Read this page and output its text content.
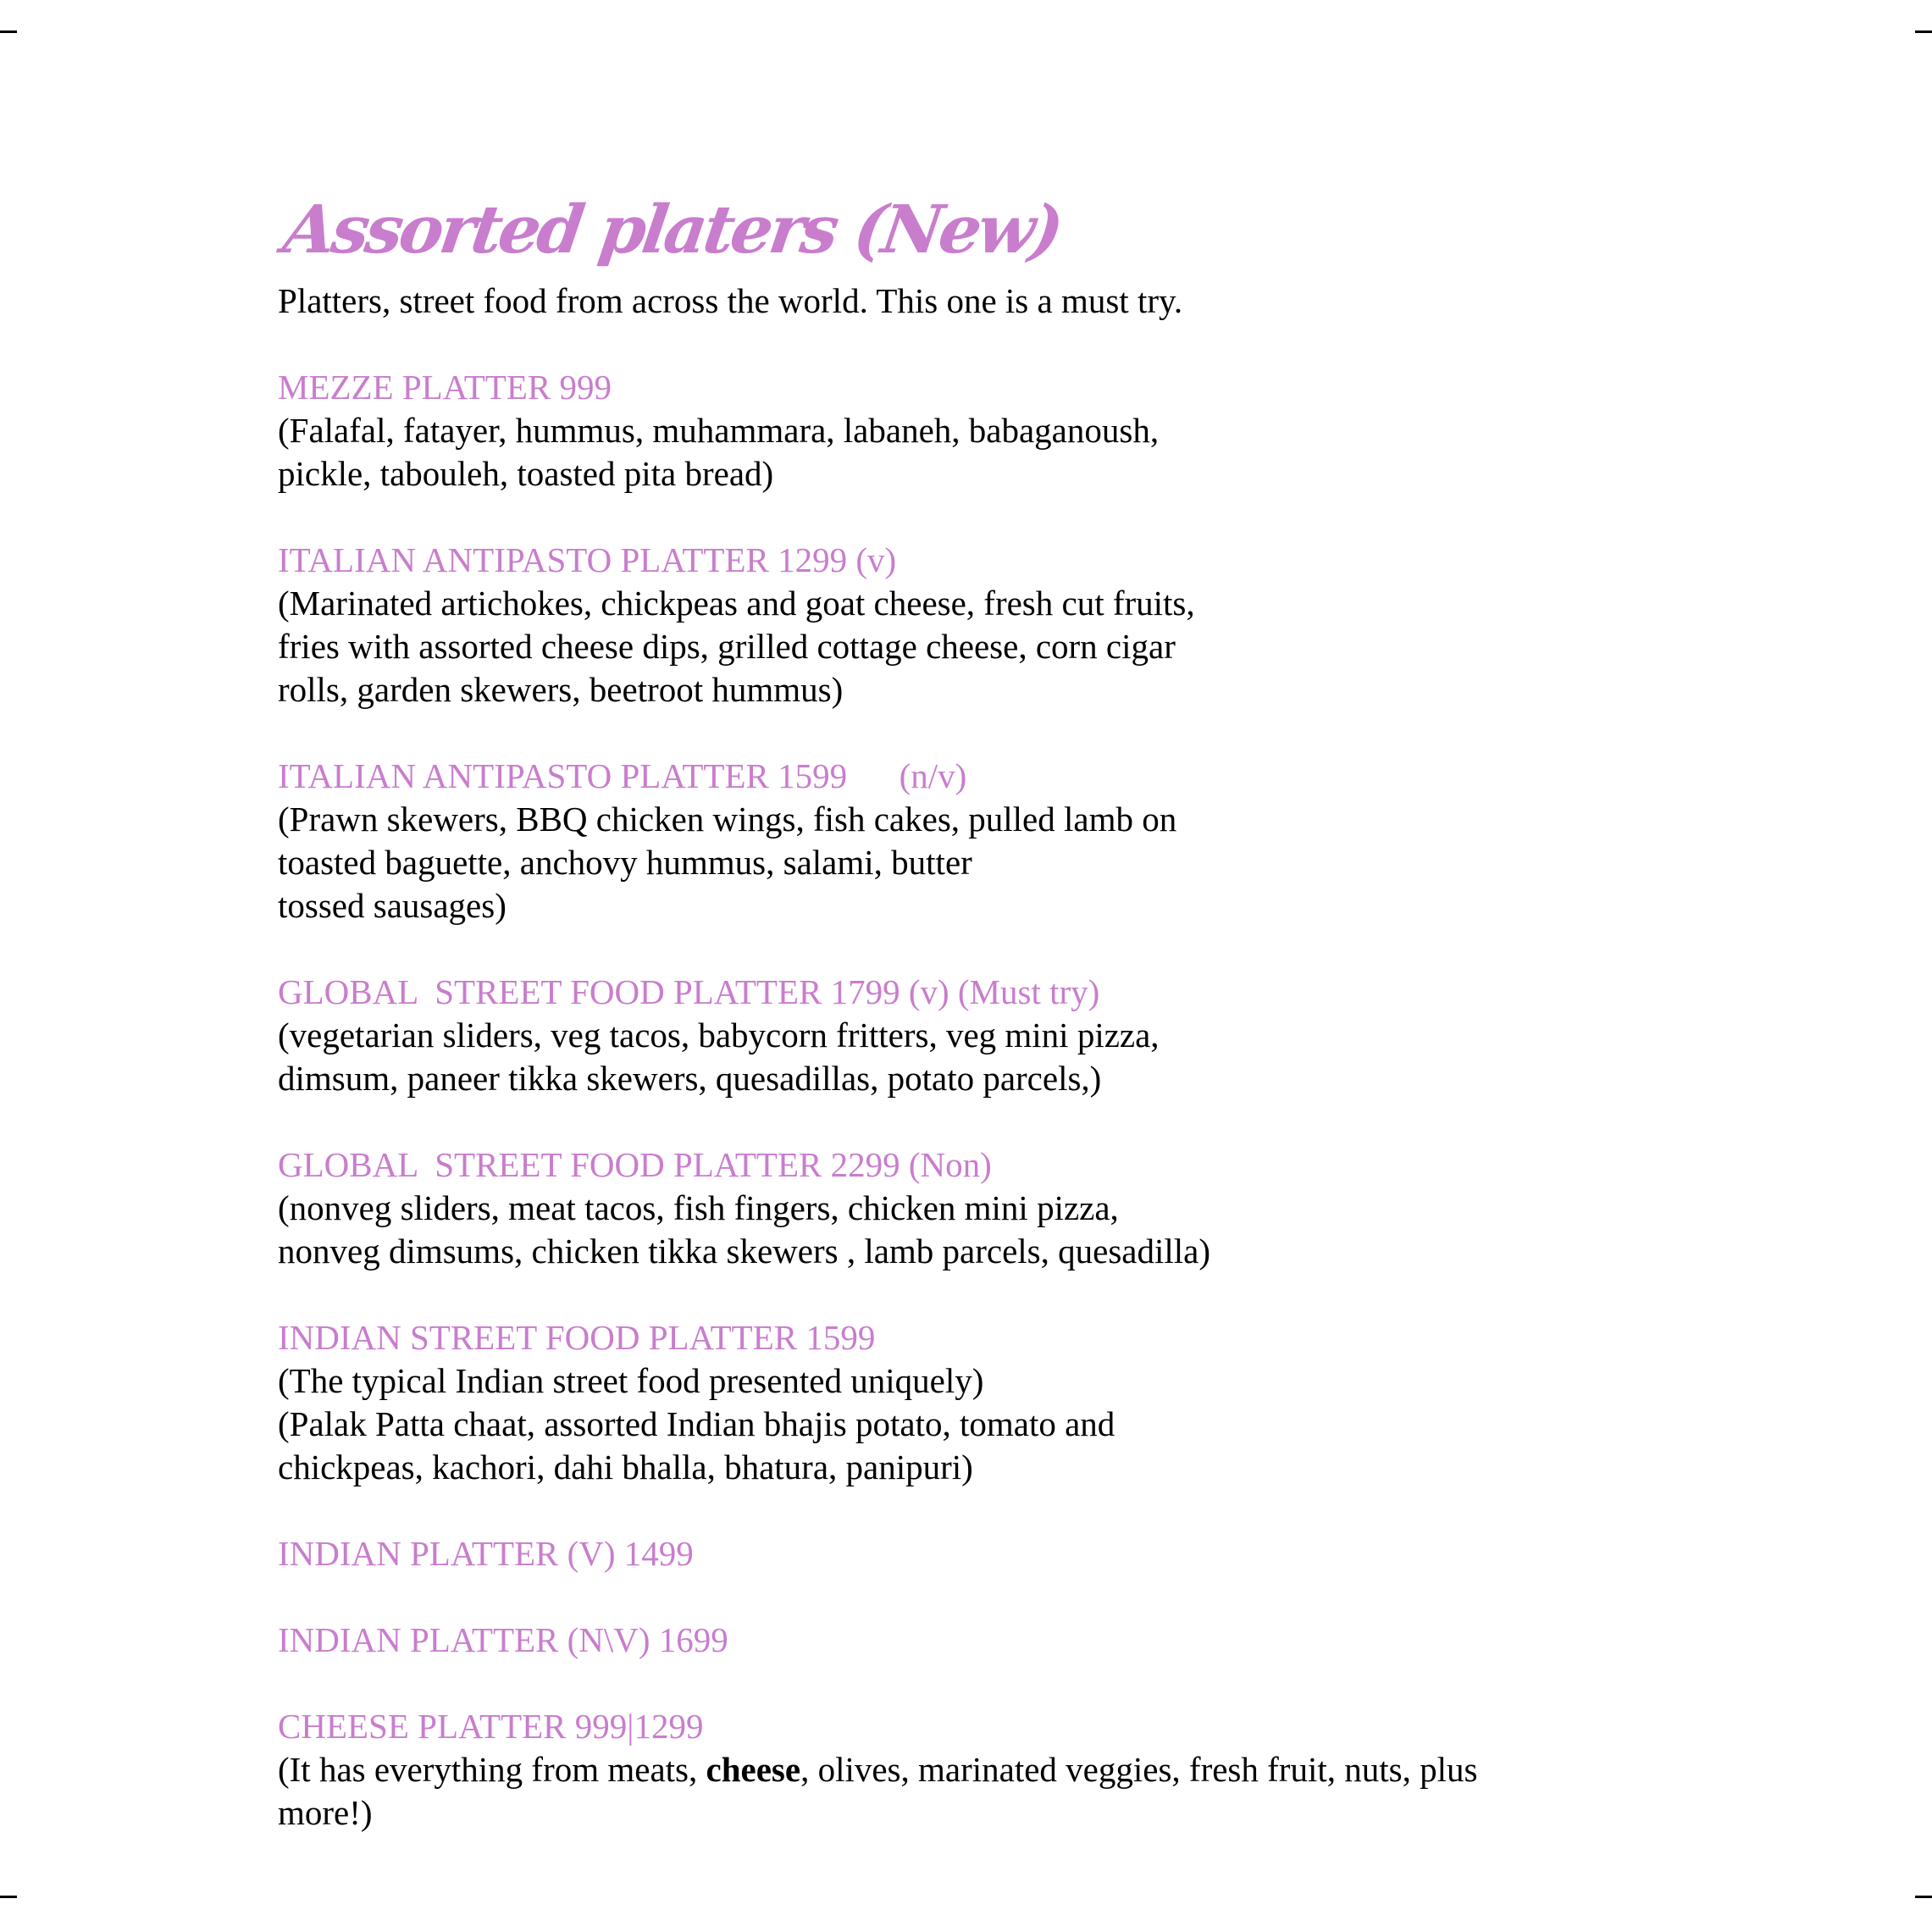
Assorted platers (New)
Platters, street food from across the world. This one is a must try.
MEZZE PLATTER 999
(Falafal, fatayer, hummus, muhammara, labaneh, babaganoush,
pickle, tabouleh, toasted pita bread)
ITALIAN ANTIPASTO PLATTER 1299 (v)
(Marinated artichokes, chickpeas and goat cheese, fresh cut fruits,
fries with assorted cheese dips, grilled cottage cheese, corn cigar
rolls, garden skewers, beetroot hummus)
ITALIAN ANTIPASTO PLATTER 1599      (n/v)
(Prawn skewers, BBQ chicken wings, fish cakes, pulled lamb on
toasted baguette, anchovy hummus, salami, butter
tossed sausages)
GLOBAL  STREET FOOD PLATTER 1799 (v) (Must try)
(vegetarian sliders, veg tacos, babycorn fritters, veg mini pizza,
dimsum, paneer tikka skewers, quesadillas, potato parcels,)
GLOBAL  STREET FOOD PLATTER 2299 (Non)
(nonveg sliders, meat tacos, fish fingers, chicken mini pizza,
nonveg dimsums, chicken tikka skewers , lamb parcels, quesadilla)
INDIAN STREET FOOD PLATTER 1599
(The typical Indian street food presented uniquely)
(Palak Patta chaat, assorted Indian bhajis potato, tomato and
chickpeas, kachori, dahi bhalla, bhatura, panipuri)
INDIAN PLATTER (V) 1499
INDIAN PLATTER (N\V) 1699
CHEESE PLATTER 999|1299
(It has everything from meats, cheese, olives, marinated veggies, fresh fruit, nuts, plus
more!)
